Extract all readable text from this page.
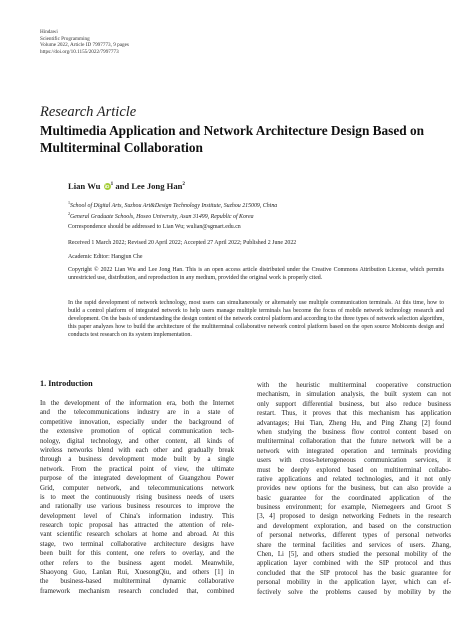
Hindawi
Scientific Programming
Volume 2022, Article ID 7997773, 9 pages
https://doi.org/10.1155/2022/7997773
Research Article
Multimedia Application and Network Architecture Design Based on Multiterminal Collaboration
Lian Wu $iD^1$ and Lee Jong Han$^2$
$^1$School of Digital Arts, Suzhou Art&Design Technology Institute, Suzhou 215009, China
$^2$General Graduate Schools, Hoseo University, Asan 31499, Republic of Korea
Correspondence should be addressed to Lian Wu; wulian@sgmart.edu.cn
Received 1 March 2022; Revised 20 April 2022; Accepted 27 April 2022; Published 2 June 2022
Academic Editor: Hangjun Che
Copyright © 2022 Lian Wu and Lee Jong Han. This is an open access article distributed under the Creative Commons Attribution License, which permits unrestricted use, distribution, and reproduction in any medium, provided the original work is properly cited.
In the rapid development of network technology, most users can simultaneously or alternately use multiple communication terminals. At this time, how to build a control platform of integrated network to help users manage multiple terminals has become the focus of mobile network technology research and development. On the basis of understanding the design content of the network control platform and according to the three types of network selection algorithm, this paper analyzes how to build the architecture of the multiterminal collaborative network control platform based on the open source Mobicents design and conducts test research on its system implementation.
1. Introduction
In the development of the information era, both the Internet
and the telecommunications industry are in a state of
competitive innovation, especially under the background of
the extensive promotion of optical communication tech-
nology, digital technology, and other content, all kinds of
wireless networks blend with each other and gradually break
through a business development mode built by a single
network. From the practical point of view, the ultimate
purpose of the integrated development of Guangzhou Power
Grid, computer network, and telecommunications network
is to meet the continuously rising business needs of users
and rationally use various business resources to improve the
development level of China's information industry. This
research topic proposal has attracted the attention of rele-
vant scientific research scholars at home and abroad. At this
stage, two terminal collaborative architecture designs have
been built for this content, one refers to overlay, and the
other refers to the business agent model. Meanwhile,
Shaoyong Guo, Lanlan Rui, XuesongQiu, and others [1] in
the business-based multiterminal dynamic collaborative
framework mechanism research concluded that, combined
with the heuristic multiterminal cooperative construction
mechanism, in simulation analysis, the built system can not
only support differential business, but also reduce business
restart. Thus, it proves that this mechanism has application
advantages; Hui Tian, Zheng Hu, and Ping Zhang [2] found
when studying the business flow control content based on
multiterminal collaboration that the future network will be a
network with integrated operation and terminals providing
users with cross-heterogeneous communication services, it
must be deeply explored based on multiterminal collabo-
rative applications and related technologies, and it not only
provides new options for the business, but can also provide a
basic guarantee for the coordinated application of the
business environment; for example, Niemegeers and Groot S
[3, 4] proposed to design networking Fednets in the research
and development exploration, and based on the construction
of personal networks, different types of personal networks
share the terminal facilities and services of users. Zhang,
Chen, Li [5], and others studied the personal mobility of the
application layer combined with the SIP protocol and thus
concluded that the SIP protocol has the basic guarantee for
personal mobility in the application layer, which can ef-
fectively solve the problems caused by mobility by the
